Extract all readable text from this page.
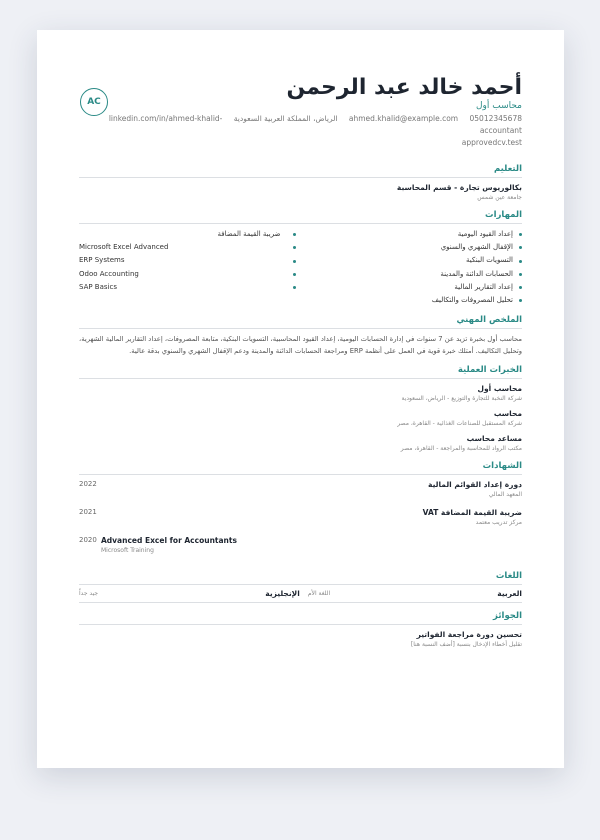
أحمد خالد عبد الرحمن
محاسب أول
05012345678 ahmed.khalid@example.com الرياض، المملكة العربية السعودية linkedin.com/in/ahmed-khalid-accountant
approvedcv.test
AC
التعليم
بكالوريوس تجارة - قسم المحاسبة
جامعة عين شمس
المهارات
إعداد القيود اليومية
الإقفال الشهري والسنوي
التسويات البنكية
الحسابات الدائنة والمدينة
إعداد التقارير المالية
تحليل المصروفات والتكاليف
ضريبة القيمة المضافة
Microsoft Excel Advanced
ERP Systems
Odoo Accounting
SAP Basics
الملخص المهني
محاسب أول بخبرة تزيد عن 7 سنوات في إدارة الحسابات اليومية، إعداد القيود المحاسبية، التسويات البنكية، متابعة المصروفات، إعداد التقارير المالية الشهرية، وتحليل التكاليف. أمتلك خبرة قوية في العمل على أنظمة ERP ومراجعة الحسابات الدائنة والمدينة ودعم الإقفال الشهري والسنوي بدقة عالية.
الخبرات العملية
محاسب أول
شركة النخبة للتجارة والتوزيع - الرياض، السعودية
محاسب
شركة المستقبل للصناعات الغذائية - القاهرة، مصر
مساعد محاسب
مكتب الرواد للمحاسبة والمراجعة - القاهرة، مصر
الشهادات
دورة إعداد القوائم المالية
المعهد المالي
2022
ضريبة القيمة المضافة VAT
مركز تدريب معتمد
2021
Advanced Excel for Accountants
Microsoft Training
2020
اللغات
العربية
اللغة الأم
الإنجليزية
جيد جداً
الجوائز
تحسين دورة مراجعة الفواتير
تقليل أخطاء الإدخال بنسبة [أضف النسبة هنا]
